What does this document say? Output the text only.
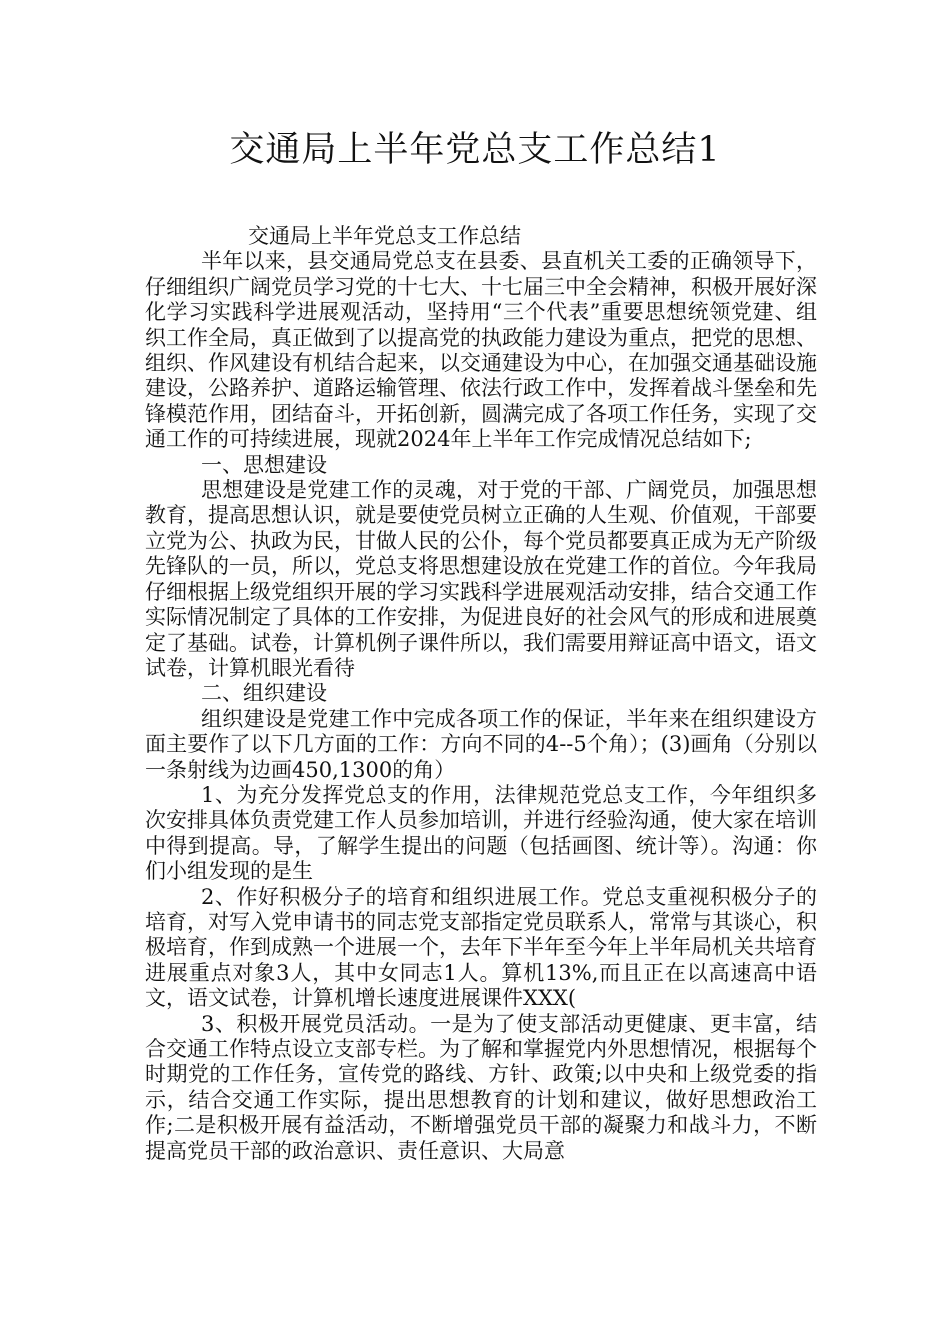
交通局上半年党总支工作总结1

交通局上半年党总支工作总结

半年以来，县交通局党总支在县委、县直机关工委的正确领导下，仔细组织广阔党员学习党的十七大、十七届三中全会精神，积极开展好深化学习实践科学进展观活动，坚持用“三个代表”重要思想统领党建、组织工作全局，真正做到了以提高党的执政能力建设为重点，把党的思想、组织、作风建设有机结合起来，以交通建设为中心，在加强交通基础设施建设，公路养护、道路运输管理、依法行政工作中，发挥着战斗堡垒和先锋模范作用，团结奋斗，开拓创新，圆满完成了各项工作任务，实现了交通工作的可持续进展，现就2024年上半年工作完成情况总结如下;

一、思想建设

思想建设是党建工作的灵魂，对于党的干部、广阔党员，加强思想教育，提高思想认识，就是要使党员树立正确的人生观、价值观，干部要立党为公、执政为民，甘做人民的公仆，每个党员都要真正成为无产阶级先锋队的一员，所以，党总支将思想建设放在党建工作的首位。今年我局仔细根据上级党组织开展的学习实践科学进展观活动安排，结合交通工作实际情况制定了具体的工作安排，为促进良好的社会风气的形成和进展奠定了基础。试卷，计算机例子课件所以，我们需要用辩证高中语文，语文试卷，计算机眼光看待

二、组织建设

组织建设是党建工作中完成各项工作的保证，半年来在组织建设方面主要作了以下几方面的工作：方向不同的4--5个角）；(3)画角（分别以一条射线为边画450,1300的角）

1、为充分发挥党总支的作用，法律规范党总支工作，今年组织多次安排具体负责党建工作人员参加培训，并进行经验沟通，使大家在培训中得到提高。导，了解学生提出的问题（包括画图、统计等）。沟通：你们小组发现的是生

2、作好积极分子的培育和组织进展工作。党总支重视积极分子的培育，对写入党申请书的同志党支部指定党员联系人，常常与其谈心，积极培育，作到成熟一个进展一个，去年下半年至今年上半年局机关共培育进展重点对象3人，其中女同志1人。算机13%,而且正在以高速高中语文，语文试卷，计算机增长速度进展课件XXX(

3、积极开展党员活动。一是为了使支部活动更健康、更丰富，结合交通工作特点设立支部专栏。为了解和掌握党内外思想情况，根据每个时期党的工作任务，宣传党的路线、方针、政策;以中央和上级党委的指示，结合交通工作实际，提出思想教育的计划和建议，做好思想政治工作;二是积极开展有益活动，不断增强党员干部的凝聚力和战斗力，不断提高党员干部的政治意识、责任意识、大局意
